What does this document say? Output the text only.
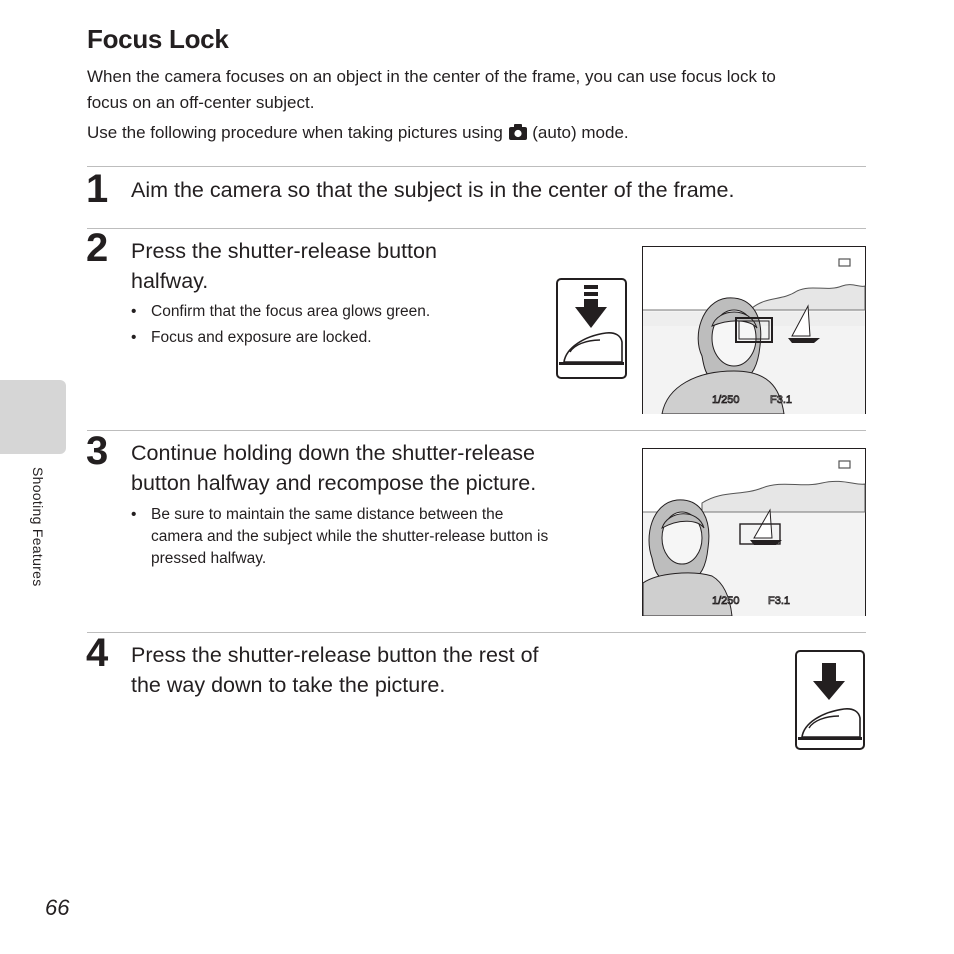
Focus Lock
When the camera focuses on an object in the center of the frame, you can use focus lock to
focus on an off-center subject.
Use the following procedure when taking pictures using (auto) mode.
1 Aim the camera so that the subject is in the center of the frame.
2 Press the shutter-release button
halfway.
• Confirm that the focus area glows green.
• Focus and exposure are locked.
1/250	F3.1
3 Continue holding down the shutter-release
button halfway and recompose the picture.
• Be sure to maintain the same distance between the
camera and the subject while the shutter-release button is
pressed halfway.
1/250	F3.1
4 Press the shutter-release button the rest of
the way down to take the picture.
Shooting Features
66
